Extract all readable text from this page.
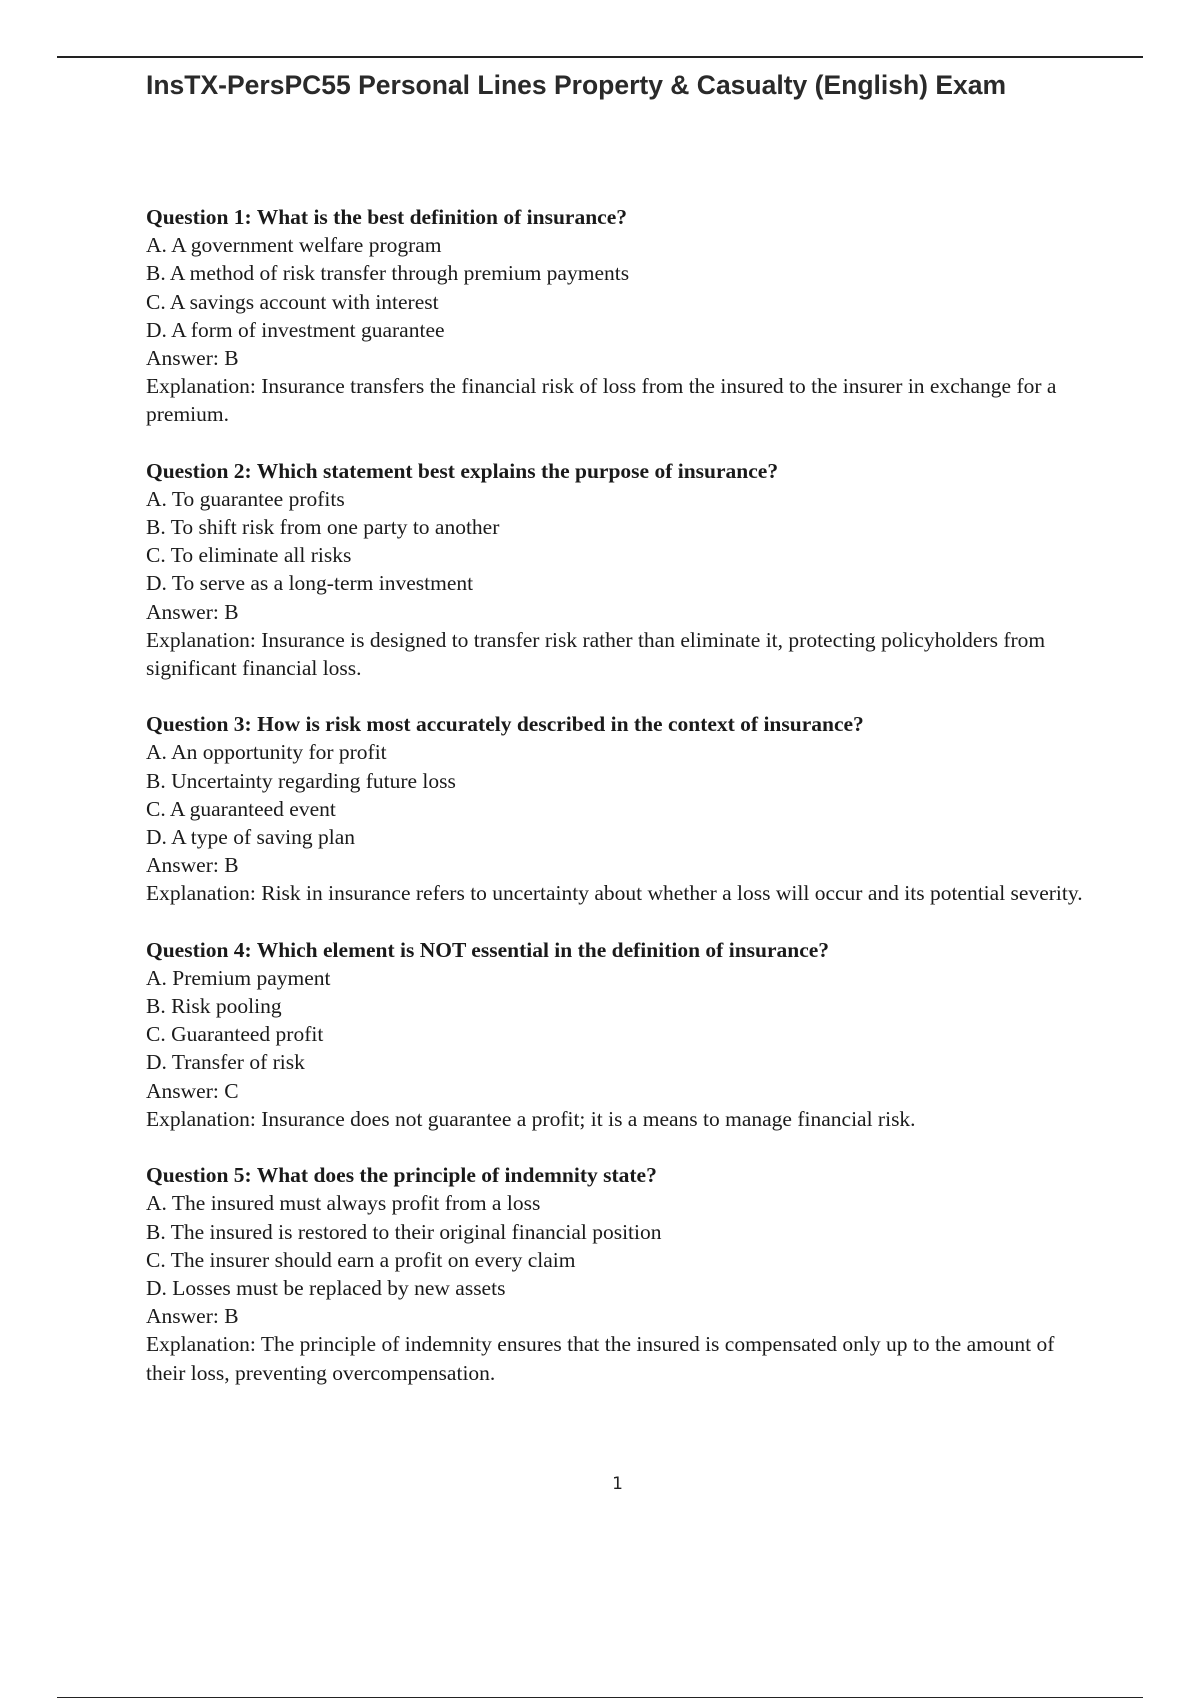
InsTX-PersPC55 Personal Lines Property & Casualty (English) Exam
Question 1: What is the best definition of insurance?
A. A government welfare program
B. A method of risk transfer through premium payments
C. A savings account with interest
D. A form of investment guarantee
Answer: B
Explanation: Insurance transfers the financial risk of loss from the insured to the insurer in exchange for a premium.
Question 2: Which statement best explains the purpose of insurance?
A. To guarantee profits
B. To shift risk from one party to another
C. To eliminate all risks
D. To serve as a long-term investment
Answer: B
Explanation: Insurance is designed to transfer risk rather than eliminate it, protecting policyholders from significant financial loss.
Question 3: How is risk most accurately described in the context of insurance?
A. An opportunity for profit
B. Uncertainty regarding future loss
C. A guaranteed event
D. A type of saving plan
Answer: B
Explanation: Risk in insurance refers to uncertainty about whether a loss will occur and its potential severity.
Question 4: Which element is NOT essential in the definition of insurance?
A. Premium payment
B. Risk pooling
C. Guaranteed profit
D. Transfer of risk
Answer: C
Explanation: Insurance does not guarantee a profit; it is a means to manage financial risk.
Question 5: What does the principle of indemnity state?
A. The insured must always profit from a loss
B. The insured is restored to their original financial position
C. The insurer should earn a profit on every claim
D. Losses must be replaced by new assets
Answer: B
Explanation: The principle of indemnity ensures that the insured is compensated only up to the amount of their loss, preventing overcompensation.
1
